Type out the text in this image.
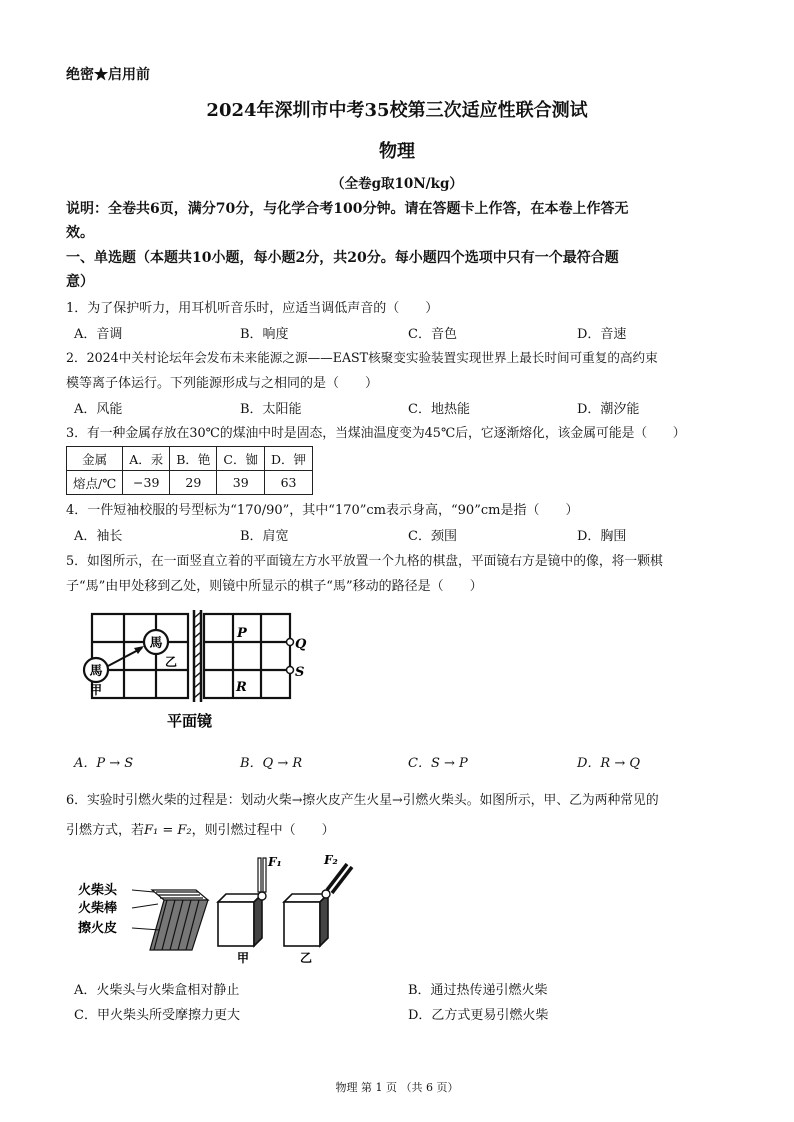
绝密★启用前
2024年深圳市中考35校第三次适应性联合测试
物理
（全卷g取10N/kg）
说明：全卷共6页，满分70分，与化学合考100分钟。请在答题卡上作答，在本卷上作答无
效。
一、单选题（本题共10小题，每小题2分，共20分。每小题四个选项中只有一个最符合题
意）
1．为了保护听力，用耳机听音乐时，应适当调低声音的（　　）
A．音调	B．响度	C．音色	D．音速
2．2024中关村论坛年会发布未来能源之源——EAST核聚变实验装置实现世界上最长时间可重复的高约束
模等离子体运行。下列能源形成与之相同的是（　　）
A．风能	B．太阳能	C．地热能	D．潮汐能
3．有一种金属存放在30℃的煤油中时是固态，当煤油温度变为45℃后，它逐渐熔化，该金属可能是（　　）
金属	A．汞	B．铯	C．铷	D．钾
熔点/℃	−39	29	39	63
4．一件短袖校服的号型标为“170/90”，其中“170”cm表示身高，“90”cm是指（　　）
A．袖长	B．肩宽	C．颈围	D．胸围
5．如图所示，在一面竖直立着的平面镜左方水平放置一个九格的棋盘，平面镜右方是镜中的像，将一颗棋
子“馬”由甲处移到乙处，则镜中所显示的棋子“馬”移动的路径是（　　）
馬
馬
甲
乙
P
R
Q
S
平面镜
A．P → S	B．Q → R	C．S → P	D．R → Q
6．实验时引燃火柴的过程是：划动火柴→擦火皮产生火星→引燃火柴头。如图所示，甲、乙为两种常见的
引燃方式，若F₁ = F₂，则引燃过程中（　　）
火柴头
火柴棒
擦火皮
F₁	F₂
甲	乙
A．火柴头与火柴盒相对静止	B．通过热传递引燃火柴
C．甲火柴头所受摩擦力更大	D．乙方式更易引燃火柴
物理 第 1 页 （共 6 页）
